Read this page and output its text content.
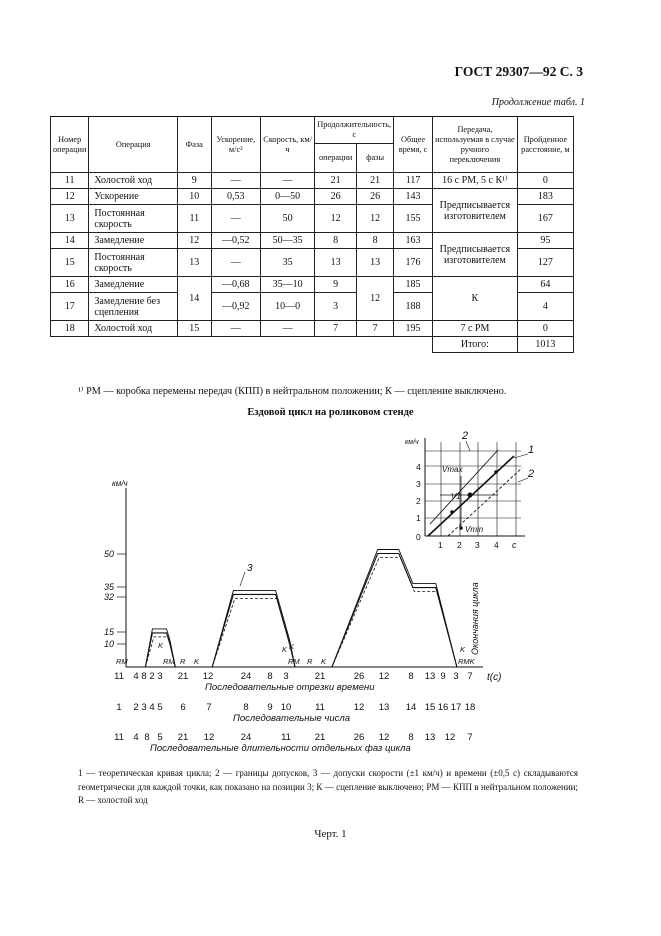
ГОСТ 29307—92 С. 3
Продолжение табл. 1
Номер операции	Операция	Фаза	Ускорение, м/с²	Скорость, км/ч	Продолжительность, с		Общее время, с	Передача, используемая в случае ручного переключения	Пройденное расстояние, м
					операции	фазы			
11	Холостой ход	9	—	—	21	21	117	16 с РМ, 5 с К¹⁾	0
12	Ускорение	10	0,53	0—50	26	26	143	Предписывается изготовителем	183
13	Постоянная скорость	11	—	50	12	12	155		167
14	Замедление	12	—0,52	50—35	8	8	163	Предписывается изготовителем	95
15	Постоянная скорость	13	—	35	13	13	176		127
16	Замедление	14	—0,68	35—10	9	12	185	К	64
17	Замедление без сцепления		—0,92	10—0	3		188		4
18	Холостой ход	15	—	—	7	7	195	7 с РМ	0
								Итого:	1013
¹⁾ РМ — коробка перемены передач (КПП) в нейтральном положении; К — сцепление выключено.
Ездовой цикл на роликовом стенде
км/ч
t(c)
50
35
32
15
10
RM
K
RM R K
K
RM R K	RMK
3
K	K Окончания цикла
11 4 8 2 3 21 12	24 8 3	21	26 12 8 13 9 3 7
Последовательные отрезки времени
1 2 3 4 5 6 7	8 9 10	11	12 13 14 15 16 17 18
Последовательные числа
11 4 8 5 21 12	24	11	21	26 12 8 13 12 7
Последовательные длительности отдельных фаз цикла
км/ч
с
0
1
2
3
4
1 2 3 4
2
1
2
Vmax
V1
Vmin
1 — теоретическая кривая цикла; 2 — границы допусков, 3 — допуски скорости (±1 км/ч) и времени (±0,5 с) складываются геометрически для каждой точки, как показано на позиции 3; К — сцепление выключено; РМ — КПП в нейтральном положении; R — холостой ход
Черт. 1
